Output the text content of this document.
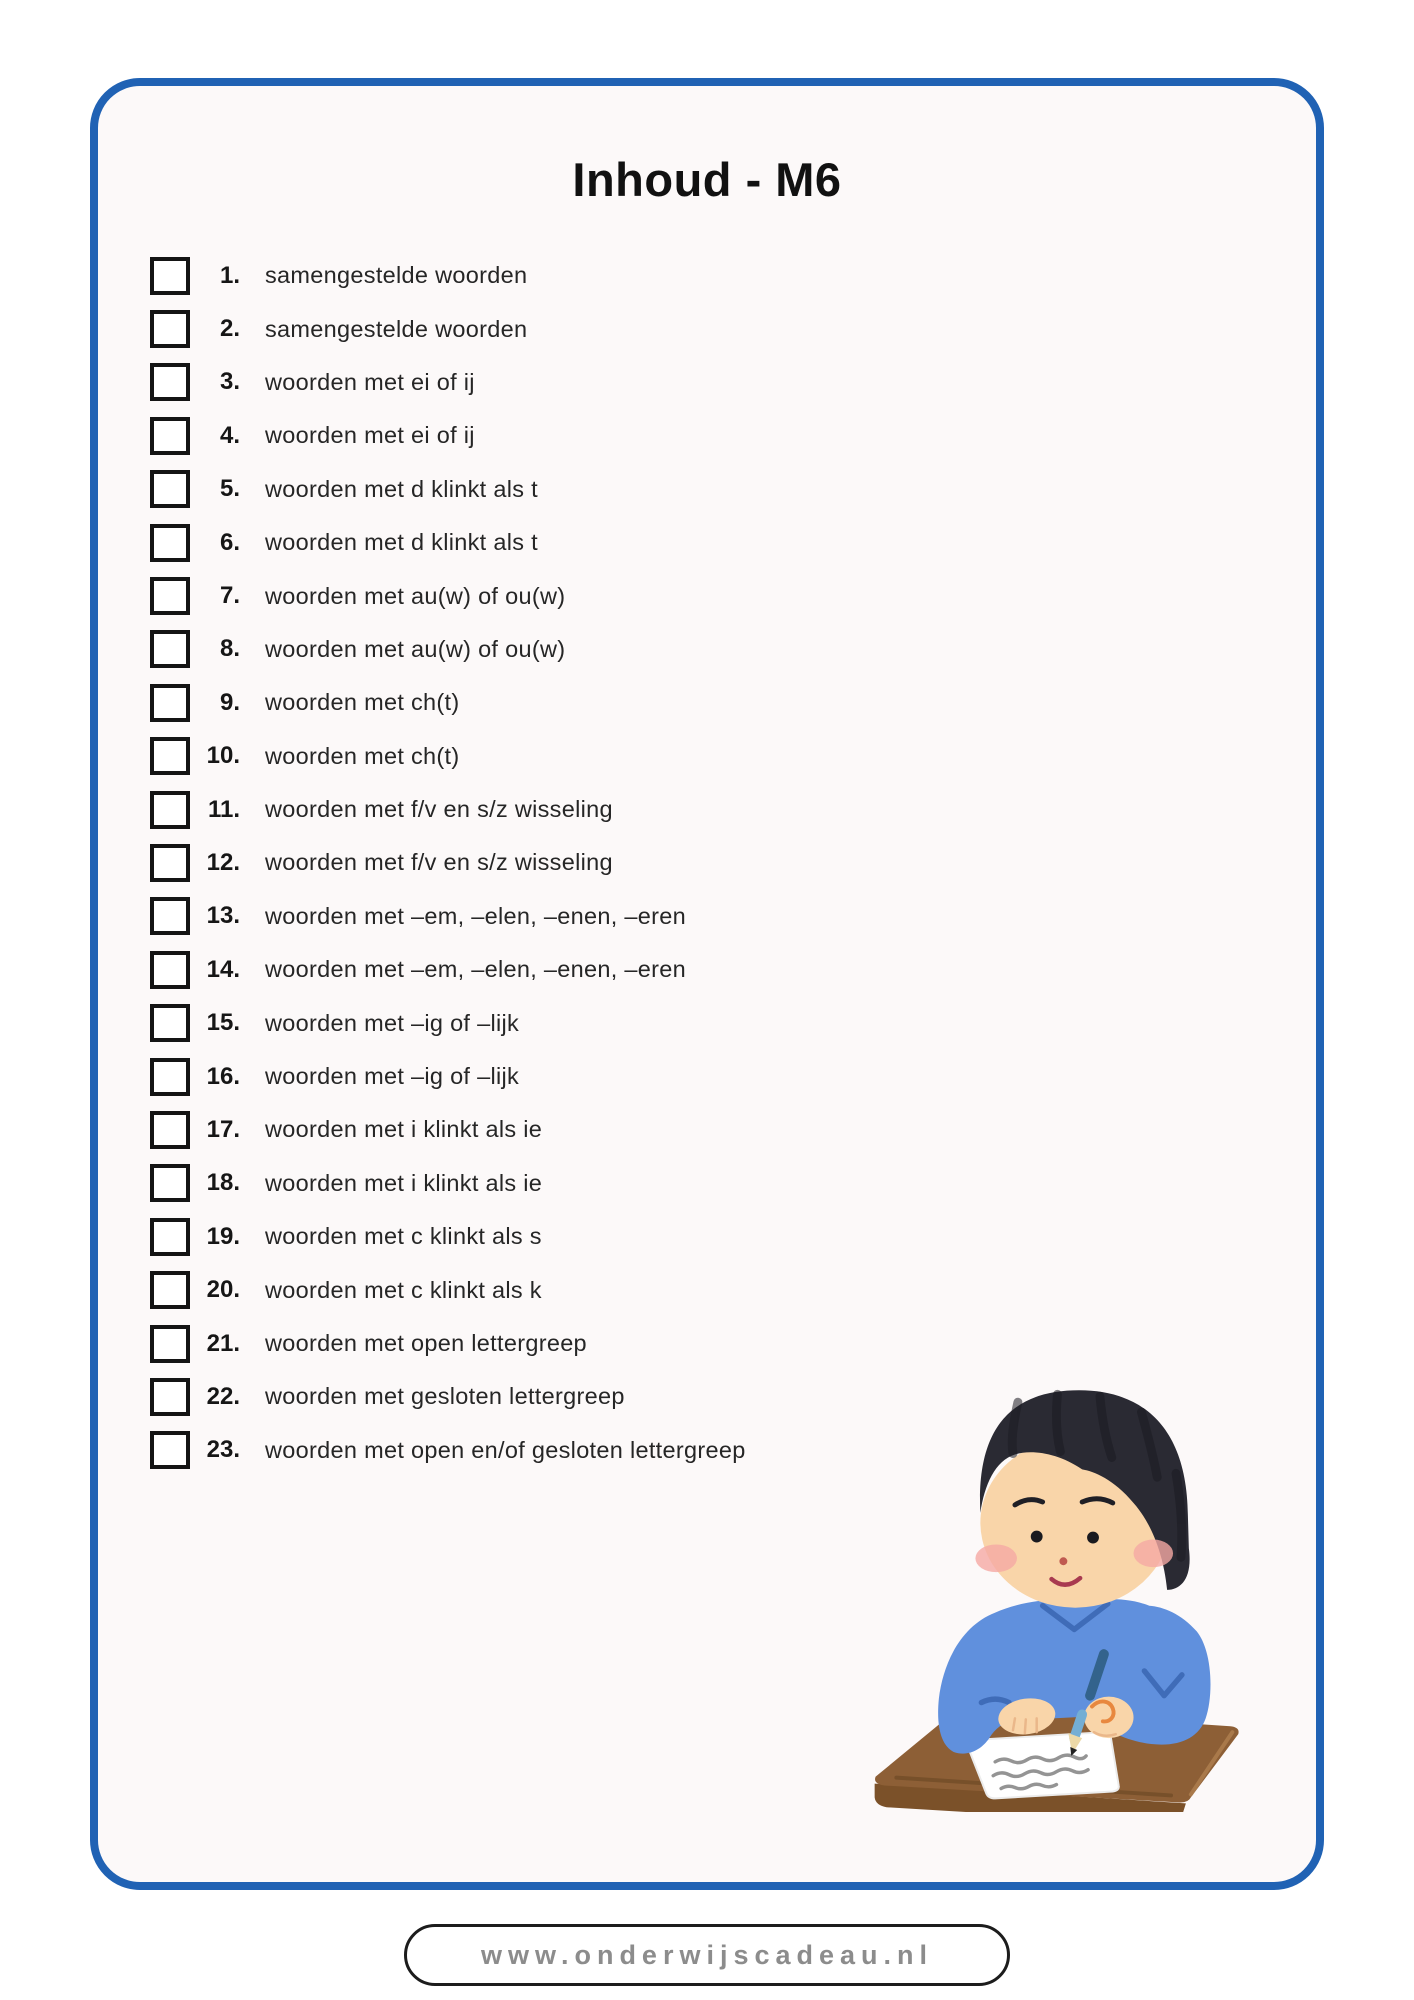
Inhoud - M6
1. samengestelde woorden
2. samengestelde woorden
3. woorden met ei of ij
4. woorden met ei of ij
5. woorden met d klinkt als t
6. woorden met d klinkt als t
7. woorden met au(w) of ou(w)
8. woorden met au(w) of ou(w)
9. woorden met ch(t)
10. woorden met ch(t)
11. woorden met f/v en s/z wisseling
12. woorden met f/v en s/z wisseling
13. woorden met –em, –elen, –enen, –eren
14. woorden met –em, –elen, –enen, –eren
15. woorden met –ig of –lijk
16. woorden met –ig of –lijk
17. woorden met i klinkt als ie
18. woorden met i klinkt als ie
19. woorden met c klinkt als s
20. woorden met c klinkt als k
21. woorden met open lettergreep
22. woorden met gesloten lettergreep
23. woorden met open en/of gesloten lettergreep
www.onderwijscadeau.nl
